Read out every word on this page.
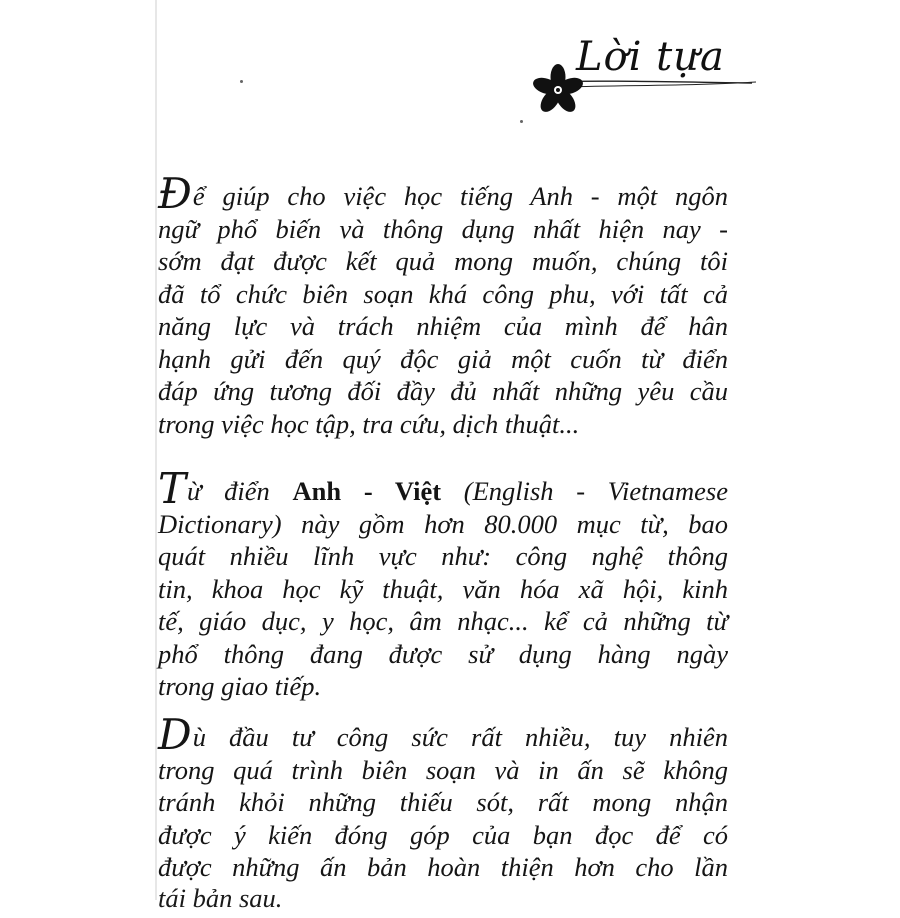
Lời tựa
Để giúp cho việc học tiếng Anh - một ngôn
ngữ phổ biến và thông dụng nhất hiện nay -
sớm đạt được kết quả mong muốn, chúng tôi
đã tổ chức biên soạn khá công phu, với tất cả
năng lực và trách nhiệm của mình để hân
hạnh gửi đến quý độc giả một cuốn từ điển
đáp ứng tương đối đầy đủ nhất những yêu cầu
trong việc học tập, tra cứu, dịch thuật...
Từ điển Anh - Việt (English - Vietnamese
Dictionary) này gồm hơn 80.000 mục từ, bao
quát nhiều lĩnh vực như: công nghệ thông
tin, khoa học kỹ thuật, văn hóa xã hội, kinh
tế, giáo dục, y học, âm nhạc... kể cả những từ
phổ thông đang được sử dụng hàng ngày
trong giao tiếp.
Dù đầu tư công sức rất nhiều, tuy nhiên
trong quá trình biên soạn và in ấn sẽ không
tránh khỏi những thiếu sót, rất mong nhận
được ý kiến đóng góp của bạn đọc để có
được những ấn bản hoàn thiện hơn cho lần
tái bản sau.
